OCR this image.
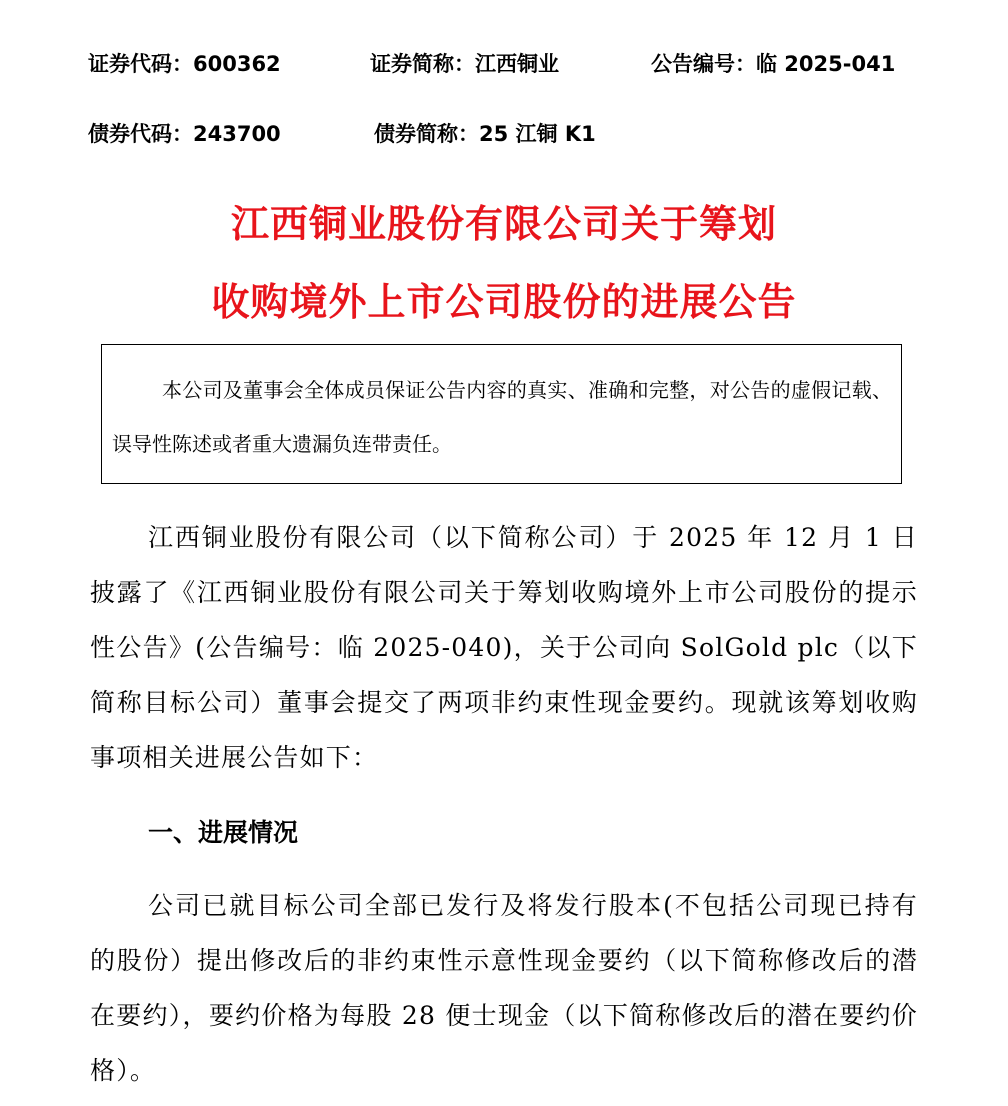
证券代码：600362	证券简称：江西铜业	公告编号：临 2025-041
债券代码：243700	债券简称：25 江铜 K1
江西铜业股份有限公司关于筹划
收购境外上市公司股份的进展公告
本公司及董事会全体成员保证公告内容的真实、准确和完整，对公告的虚假记载、误导性陈述或者重大遗漏负连带责任。
江西铜业股份有限公司（以下简称公司）于 2025 年 12 月 1 日披露了《江西铜业股份有限公司关于筹划收购境外上市公司股份的提示性公告》(公告编号：临 2025-040)，关于公司向 SolGold plc（以下简称目标公司）董事会提交了两项非约束性现金要约。现就该筹划收购事项相关进展公告如下：
一、进展情况
公司已就目标公司全部已发行及将发行股本(不包括公司现已持有的股份）提出修改后的非约束性示意性现金要约（以下简称修改后的潜在要约），要约价格为每股 28 便士现金（以下简称修改后的潜在要约价格）。
